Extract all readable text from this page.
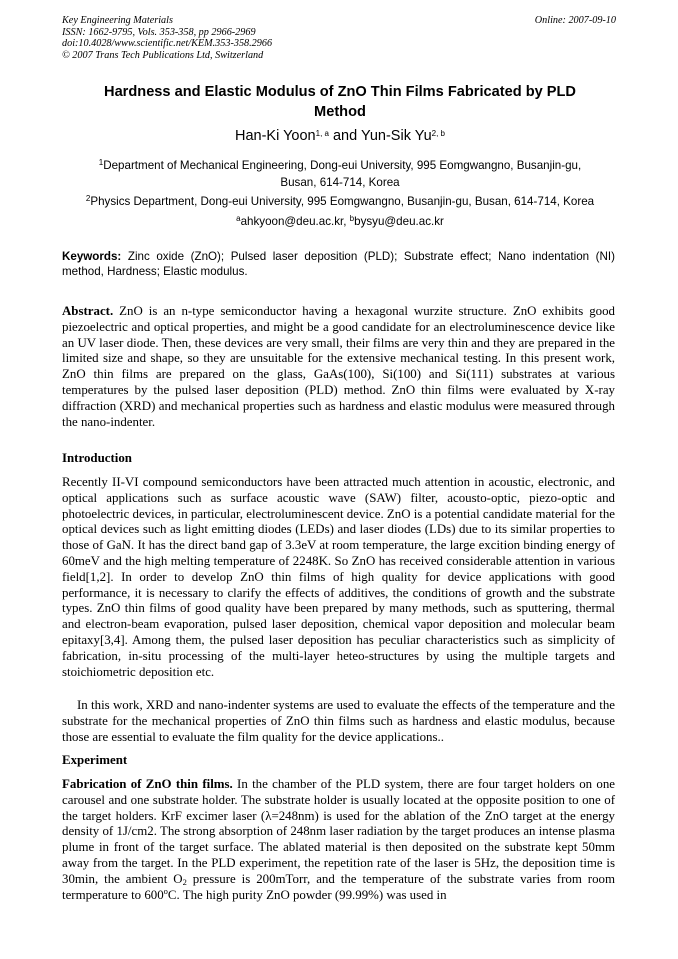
Key Engineering Materials
ISSN: 1662-9795, Vols. 353-358, pp 2966-2969
doi:10.4028/www.scientific.net/KEM.353-358.2966
© 2007 Trans Tech Publications Ltd, Switzerland
Online: 2007-09-10
Hardness and Elastic Modulus of ZnO Thin Films Fabricated by PLD
Method
Han-Ki Yoon$^{1, a}$ and Yun-Sik Yu$^{2, b}$
$^1$Department of Mechanical Engineering, Dong-eui University, 995 Eomgwangno, Busanjin-gu,
Busan, 614-714, Korea
$^2$Physics Department, Dong-eui University, 995 Eomgwangno, Busanjin-gu, Busan, 614-714, Korea
$^a$ahkyoon@deu.ac.kr, $^b$bysyu@deu.ac.kr
Keywords: Zinc oxide (ZnO); Pulsed laser deposition (PLD); Substrate effect; Nano indentation (NI) method, Hardness; Elastic modulus.
Abstract. ZnO is an n-type semiconductor having a hexagonal wurzite structure. ZnO exhibits good piezoelectric and optical properties, and might be a good candidate for an electroluminescence device like an UV laser diode. Then, these devices are very small, their films are very thin and they are prepared in the limited size and shape, so they are unsuitable for the extensive mechanical testing. In this present work, ZnO thin films are prepared on the glass, GaAs(100), Si(100) and Si(111) substrates at various temperatures by the pulsed laser deposition (PLD) method. ZnO thin films were evaluated by X-ray diffraction (XRD) and mechanical properties such as hardness and elastic modulus were measured through the nano-indenter.
Introduction

Recently II-VI compound semiconductors have been attracted much attention in acoustic, electronic, and optical applications such as surface acoustic wave (SAW) filter, acousto-optic, piezo-optic and photoelectric devices, in particular, electroluminescent device. ZnO is a potential candidate material for the optical devices such as light emitting diodes (LEDs) and laser diodes (LDs) due to its similar properties to those of GaN. It has the direct band gap of 3.3eV at room temperature, the large excition binding energy of 60meV and the high melting temperature of 2248K. So ZnO has received considerable attention in various field[1,2]. In order to develop ZnO thin films of high quality for device applications with good performance, it is necessary to clarify the effects of additives, the conditions of growth and the substrate types. ZnO thin films of good quality have been prepared by many methods, such as sputtering, thermal and electron-beam evaporation, pulsed laser deposition, chemical vapor deposition and molecular beam epitaxy[3,4]. Among them, the pulsed laser deposition has peculiar characteristics such as simplicity of fabrication, in-situ processing of the multi-layer heteo-structures by using the multiple targets and stoichiometric deposition etc.

In this work, XRD and nano-indenter systems are used to evaluate the effects of the temperature and the substrate for the mechanical properties of ZnO thin films such as hardness and elastic modulus, because those are essential to evaluate the film quality for the device applications..

Experiment

Fabrication of ZnO thin films. In the chamber of the PLD system, there are four target holders on one carousel and one substrate holder. The substrate holder is usually located at the opposite position to one of the target holders. KrF excimer laser (λ=248nm) is used for the ablation of the ZnO target at the energy density of 1J/cm2. The strong absorption of 248nm laser radiation by the target produces an intense plasma plume in front of the target surface. The ablated material is then deposited on the substrate kept 50mm away from the target. In the PLD experiment, the repetition rate of the laser is 5Hz, the deposition time is 30min, the ambient $O_2$ pressure is 200mTorr, and the temperature of the substrate varies from room termperature to 600$^o$C. The high purity ZnO powder (99.99%) was used in
